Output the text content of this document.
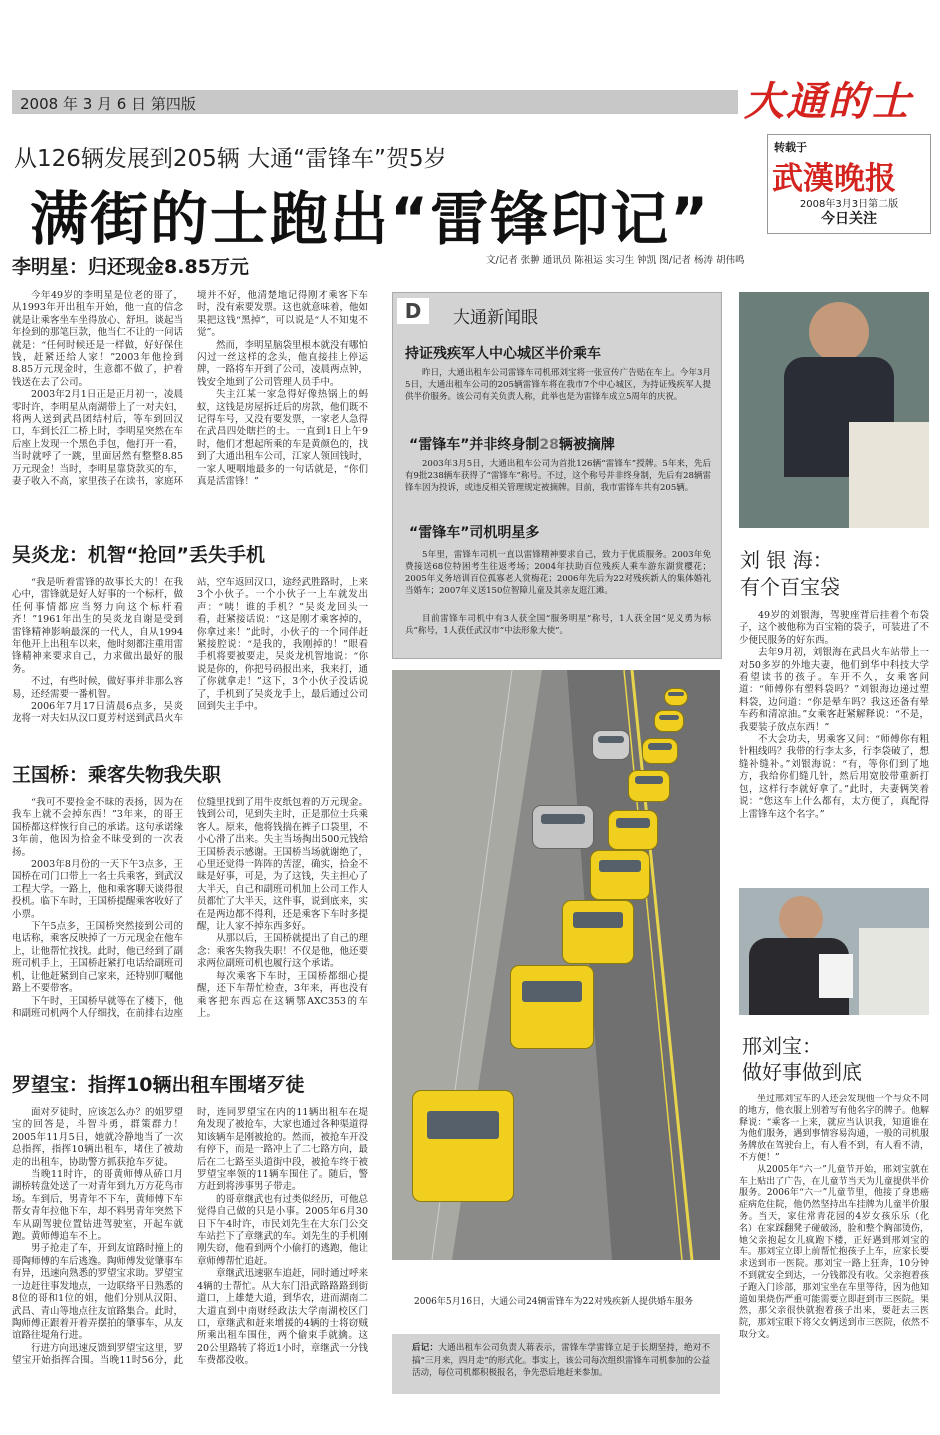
2008 年 3 月 6 日 第四版	大通的士
从126辆发展到205辆 大通“雷锋车”贺5岁
满街的士跑出“雷锋印记”
转载于
武漢晚报
2008年3月3日第二版
今日关注
文/记者 张翀 通讯员 陈祖运 实习生 钟凯 图/记者 杨涛 胡伟鸣
李明星：归还现金8.85万元

今年49岁的李明星是位老的哥了，从1993年开出租车开始，他一直的信念就是让乘客坐车坐得放心、舒坦。谈起当年捡到的那笔巨款，他当仁不让的一问话就是：“任何时候还是一样做，好好保住钱，赶紧还给人家！”2003年他捡到8.85万元现金时，生意都不做了，护着钱送在去了公司。

2003年2月1日正是正月初一，凌晨零时许，李明星从南湖带上了一对夫妇，将两人送到武昌团结村后，等车到回汉口，车到长江二桥上时，李明星突然在车后座上发现一个黑色手包，他打开一看，当时就呼了一跳，里面居然有整整8.85万元现金！当时，李明星靠贷款买的车，妻子收入不高，家里孩子在读书，家庭环境并不好，他清楚地记得刚才乘客下车时，没有索要发票。这也就意味着，他如果把这钱“黑掉”，可以说是“人不知鬼不觉”。

然而，李明星脑袋里根本就没有哪怕闪过一丝这样的念头，他直接挂上停运牌，一路将车开到了公司，凌晨两点钟，钱安全地到了公司管理人员手中。

失主江某一家急得好像热锅上的蚂蚁，这钱是房屋拆迁后的房款，他们既不记得车号，又没有要发票，一家老人急得在武昌四处瞎拦的士。一直到1日上午9时，他们才想起所乘的车是黄颜色的，找到了大通出租车公司，江家人领回钱时，一家人哽咽地最多的一句话就是，“你们真是活雷锋！”

吴炎龙：机智“抢回”丢失手机

“我是听着雷锋的故事长大的！在我心中，雷锋就是好人好事的一个标杆，做任何事情都应当努力向这个标杆看齐！”1961年出生的吴炎龙自谢是受到雷锋精神影响最深的一代人，自从1994年他开上出租车以来，他时刻都注重用雷锋精神来要求自己，力求做出最好的服务。

不过，有些时候，做好事并非那么容易，还经需要一番机智。

2006年7月17日清晨6点多，吴炎龙将一对夫妇从汉口夏芳村送到武昌火车站，空车返回汉口，途经武胜路时，上来3个小伙子。一个小伙子一上车就发出声：“咦！谁的手机？”吴炎龙回头一看，赶紧接话说：“这是刚才乘客掉的，你拿过来！”此时，小伙子的一个同伴赶紧接腔说：“是我的，我刚掉的！”眼看手机将要被要走，吴炎龙机智地说：“你说是你的，你把号码报出来，我来打，通了你就拿走！”这下，3个小伙子没话说了，手机到了吴炎龙手上，最后通过公司回到失主手中。

王国桥：乘客失物我失职

“我可不要捡金不昧的表扬，因为在我车上就不会掉东西！”3年来，的哥王国桥都这样恢行自己的承诺。这句承诺缘3年前，他因为拾金不昧受到的一次表扬。

2003年8月份的一天下午3点多，王国桥在司门口带上一名士兵乘客，到武汉工程大学。一路上，他和乘客聊天谈得很投机。临下车时，王国桥提醒乘客收好了小票。

下午5点多，王国桥突然接到公司的电话称，乘客反映掉了一万元现金在他车上，让他帮忙找找。此时，他已经到了副班司机手上，王国桥赶紧打电话给副班司机，让他赶紧到自己家来，还特别叮嘱他路上不要带客。

下午时，王国桥早就等在了楼下，他和副班司机两个人仔细找，在前排右边座位缝里找到了用牛皮纸包着的万元现金。钱到公司，见到失主时，正是那位士兵乘客人。原来，他将钱揣在裤子口袋里，不小心滑了出来。失主当场掏出500元钱给王国桥表示感谢。王国桥当场就谢绝了，心里还觉得一阵阵的苦涩，确实，拾金不昧是好事，可是，为了这钱，失主担心了大半天，自己和副班司机加上公司工作人员都忙了大半天，这件事，说到底来，实在是两边都不得利，还是乘客下车时多提醒，让人家不掉东西多好。

从那以后，王国桥就提出了自己的理念：乘客失物我失职！不仅是他，他还要求两位副班司机也履行这个承诺。

每次乘客下车时，王国桥都细心提醒，还下车帮忙检查，3年来，再也没有乘客把东西忘在这辆鄂AXC353的车上。

罗望宝：指挥10辆出租车围堵歹徒

面对歹徒时，应该怎么办？的姐罗望宝的回答是，斗智斗勇，群策群力！2005年11月5日，她就冷静地当了一次总指挥，指挥10辆出租车，堵住了被劫走的出租车，协助警方抓获抢车歹徒。

当晚11时许，的哥黄师傅从硚口月湖桥转盘处送了一对青年到九万方花鸟市场。车到后，男青年不下车，黄师傅下车帮女青年拉他下车，却不料男青年突然下车从副驾驶位置钻进驾驶室，开起车就跑。黄师傅追车不上。

男子抢走了车，开到友谊路时撞上的哥陶师傅的车后逃逸。陶师傅发觉肇事车有异，迅速向熟悉的罗望宝求助。罗望宝一边赶往事发地点，一边联络平日熟悉的8位的哥和1位的姐，他们分别从汉阳、武昌、青山等地点往友谊路集合。此时，陶师傅正跟着开着弄摆拍的肇事车，从友谊路往堤角行进。

行进方向迅速反馈到罗望宝这里，罗望宝开始指挥合围。当晚11时56分，此时，连同罗望宝在内的11辆出租车在堤角发现了被抢车，大家也通过各种渠道得知该辆车是刚被抢的。然而，被抢车开没有停下，而是一路冲上了二七路方向，最后在二七路至头道街中段，被抢车终于被罗望宝率领的11辆车围住了。随后，警方赶到将涉事男子带走。

的哥章继武也有过类似经历，可他总觉得自己做的只是小事。2005年6月30日下午4时许，市民刘先生在大东门公交车站拦下了章继武的车。刘先生的手机刚刚失窃，他看到两个小偷打的逃跑，他让章师傅帮忙追赶。

章继武迅速驱车追赶，同时通过呼来4辆的士帮忙。从大东门沿武路路路到街道口，上雄楚大道，到华农，进而湖南二大道直到中南财经政法大学南湖校区门口，章继武和赶来增援的4辆的士将窃贼所乘出租车围住，两个偷束手就擒。这20公里路转了将近1小时，章继武一分钱车费都没收。

D	大通新闻眼
持证残疾军人中心城区半价乘车
昨日，大通出租车公司雷锋车司机邢刘宝将一张宣传广告贴在车上。今年3月5日，大通出租车公司的205辆雷锋车将在我市7个中心城区，为持证残疾军人提供半价服务。该公司有关负责人称，此举也是为雷锋车成立5周年的庆祝。
“雷锋车”并非终身制28辆被摘牌
2003年3月5日，大通出租车公司为首批126辆“雷锋车”授牌。5年来，先后有9批238辆车获得了“雷锋车”称号。不过，这个称号并非终身制，先后有28辆雷锋车因为投诉，或违反相关管理规定被摘牌。目前，我市雷锋车共有205辆。
“雷锋车”司机明星多
5年里，雷锋车司机一直以雷锋精神要求自己，致力于优质服务。2003年免费接送68位特困考生往返考场；2004年扶助百位残疾人乘车游东湖赏樱花；2005年义务培训百位孤寡老人赏梅花；2006年先后为22对残疾新人的集体婚礼当婚车；2007年义送150位智障儿童及其亲友逛江滩。
目前雷锋车司机中有3人获全国“服务明星”称号，1人获全国“见义勇为标兵”称号，1人获任武汉市“中法形象大使”。
2006年5月16日，大通公司24辆雷锋车为22对残疾新人提供婚车服务
后记：大通出租车公司负责人蒋表示，雷锋车学雷锋立足于长期坚持，绝对不搞“三月来，四月走”的形式化。事实上，该公司每次组织雷锋车司机参加的公益活动，每位司机都积极报名，争先恐后地赶来参加。
刘 银 海：
有个百宝袋

49岁的刘银海，驾驶座背后挂着个布袋子，这个被他称为百宝箱的袋子，可装进了不少便民服务的好东西。

去年9月初，刘银海在武昌火车站带上一对50多岁的外地夫妻，他们到华中科技大学看望读书的孩子。车开不久，女乘客问道：“师傅你有塑料袋吗？”刘银海边递过塑料袋，边问道：“你是晕车吗？我这还备有晕车药和清凉油。”女乘客赶紧解释说：“不是，我要装子放点东西！”

不大会功夫，男乘客又问：“师傅你有粗针粗线吗？我带的行李太多，行李袋破了，想缝补缝补。”刘银海说：“有，等你们到了地方，我给你们缝几针，然后用宽胶带重新打包，这样行李就好拿了。”此时，夫妻俩笑着说：“您这车上什么都有，太方便了，真配得上雷锋车这个名字。”

邢刘宝：
做好事做到底

坐过邢刘宝车的人还会发现他一个与众不同的地方，他衣服上别着写有他名字的牌子。他解释说：“乘客一上来，就应当认识我，知道谁在为他们服务，遇到事情容易沟通，一般的司机服务牌放在驾驶台上，有人看不到，有人看不清，不方便！”

从2005年“六一”儿童节开始，邢刘宝就在车上贴出了广告，在儿童节当天为儿童提供半价服务。2006年“六一”儿童节里，他接了身患癌症病危住院，他仍然坚持出车挂牌为儿童半价服务。当天，家住常青花园的4岁女孩乐乐（化名）在家踩翻凳子碰破汤，脸和整个胸部烫伤，她父亲抱起女儿疯跑下楼，正好遇到邢刘宝的车。那刘宝立即上前帮忙抱孩子上车，应家长要求送到市一医院。那刘宝一路上狂奔，10分钟不到就安全到达，一分钱都没有收。父亲抱着孩子跑入门诊部，那刘宝坐在车里等待，因为他知道如果烧伤严重可能需要立即赶到市三医院。果然，那父亲很快就抱着孩子出来，要赶去三医院，那刘宝眼下将父女俩送到市三医院，依然不取分文。
